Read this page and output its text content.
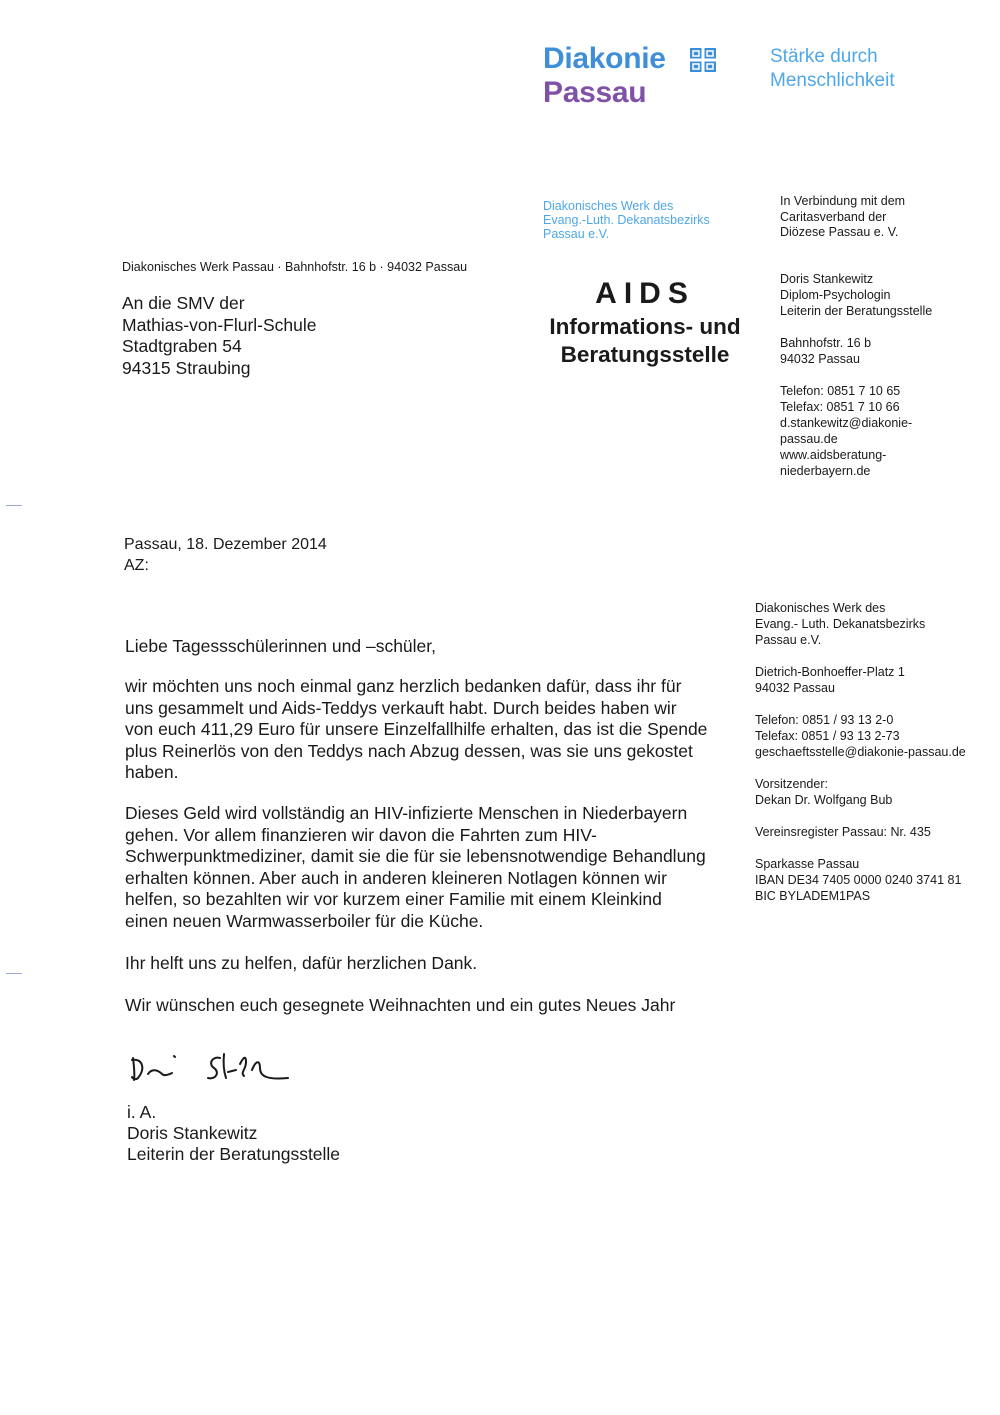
Diakonie
Passau
Stärke durch
Menschlichkeit
Diakonisches Werk des
Evang.-Luth. Dekanatsbezirks
Passau e.V.
In Verbindung mit dem
Caritasverband der
Diözese Passau e. V.
Diakonisches Werk Passau · Bahnhofstr. 16 b · 94032 Passau
An die SMV der
Mathias-von-Flurl-Schule
Stadtgraben 54
94315 Straubing
AIDS
Informations- und
Beratungsstelle
Doris Stankewitz
Diplom-Psychologin
Leiterin der Beratungsstelle
Bahnhofstr. 16 b
94032 Passau
Telefon: 0851 7 10 65
Telefax: 0851 7 10 66
d.stankewitz@diakonie-
passau.de
www.aidsberatung-
niederbayern.de
Passau, 18. Dezember 2014
AZ:
Diakonisches Werk des
Evang.- Luth. Dekanatsbezirks
Passau e.V.
Dietrich-Bonhoeffer-Platz 1
94032 Passau
Telefon: 0851 / 93 13 2-0
Telefax: 0851 / 93 13 2-73
geschaeftsstelle@diakonie-passau.de
Vorsitzender:
Dekan Dr. Wolfgang Bub
Vereinsregister Passau: Nr. 435
Sparkasse Passau
IBAN DE34 7405 0000 0240 3741 81
BIC BYLADEM1PAS
Liebe Tagessschülerinnen und –schüler,
wir möchten uns noch einmal ganz herzlich bedanken dafür, dass ihr für
uns gesammelt und Aids-Teddys verkauft habt. Durch beides haben wir
von euch 411,29 Euro für unsere Einzelfallhilfe erhalten, das ist die Spende
plus Reinerlös von den Teddys nach Abzug dessen, was sie uns gekostet
haben.
Dieses Geld wird vollständig an HIV-infizierte Menschen in Niederbayern
gehen. Vor allem finanzieren wir davon die Fahrten zum HIV-
Schwerpunktmediziner, damit sie die für sie lebensnotwendige Behandlung
erhalten können. Aber auch in anderen kleineren Notlagen können wir
helfen, so bezahlten wir vor kurzem einer Familie mit einem Kleinkind
einen neuen Warmwasserboiler für die Küche.
Ihr helft uns zu helfen, dafür herzlichen Dank.
Wir wünschen euch gesegnete Weihnachten und ein gutes Neues Jahr
i. A.
Doris Stankewitz
Leiterin der Beratungsstelle
